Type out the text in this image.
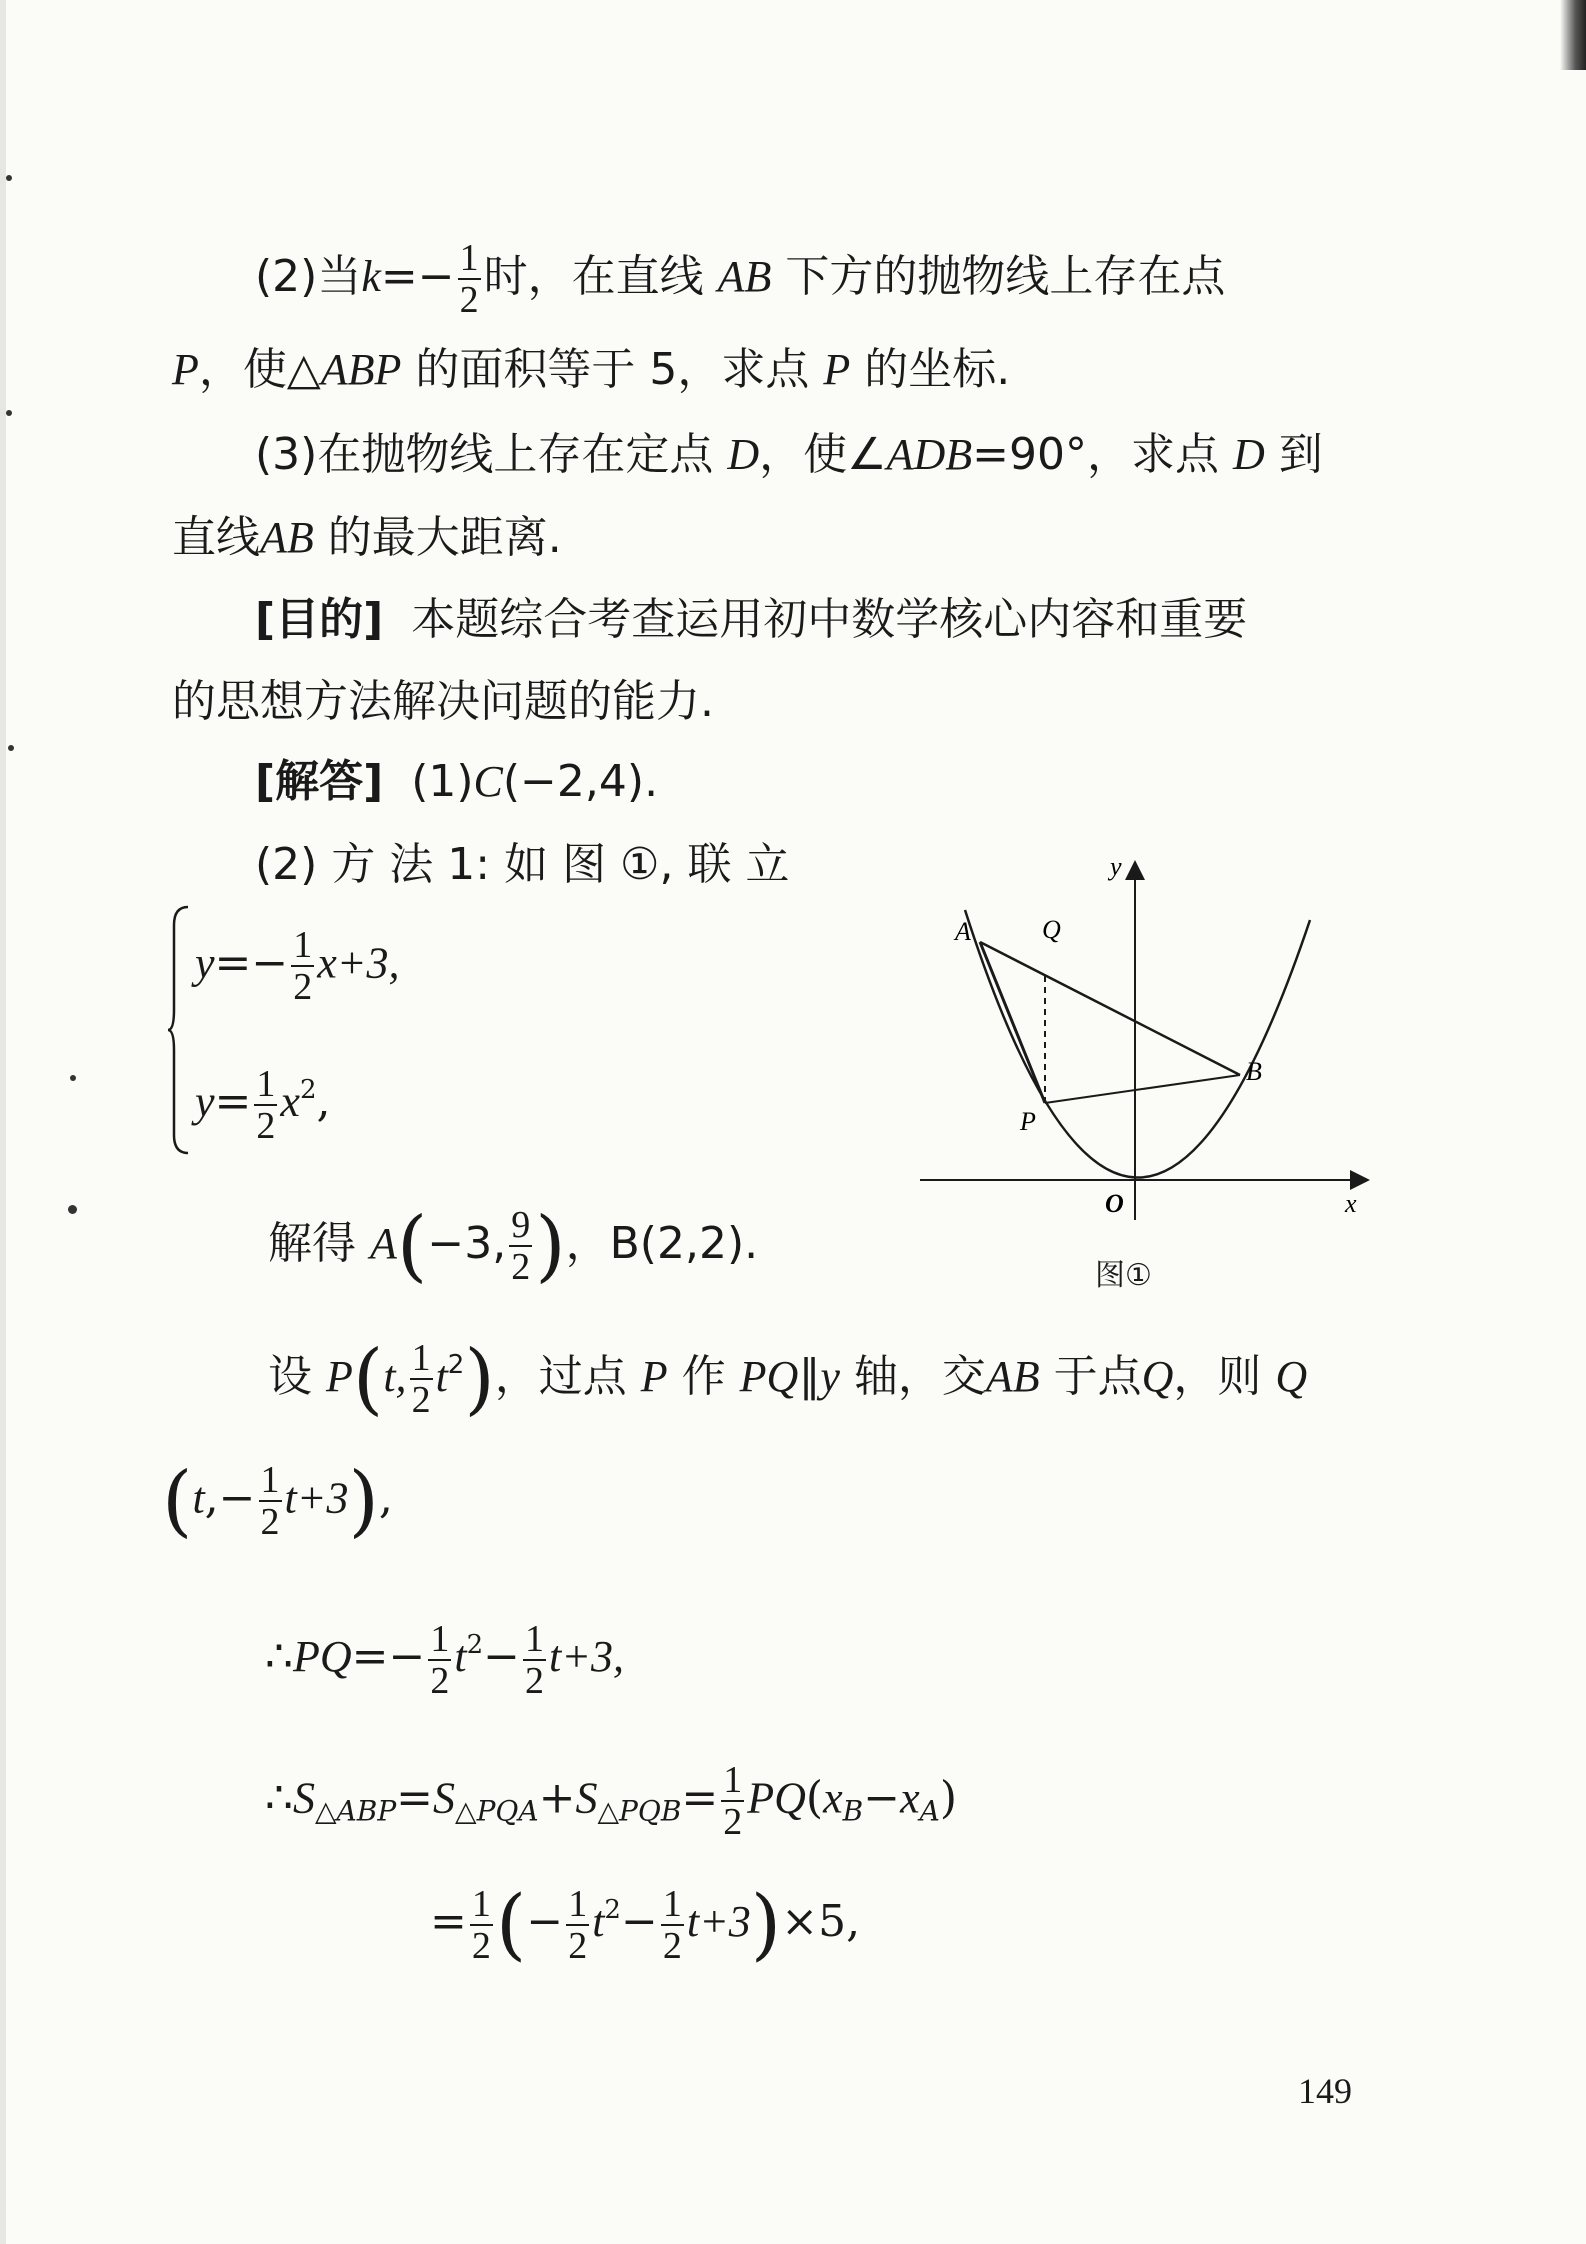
(2)当$k=- \frac{1}{2}$ 时，在直线 AB 下方的抛物线上存在点
P，使△ABP 的面积等于 5，求点 P 的坐标.
(3)在抛物线上存在定点 D，使∠ADB=90°，求点 D 到
直线AB 的最大距离.
[目的] 本题综合考查运用初中数学核心内容和重要
的思想方法解决问题的能力.
[解答] (1)C(−2,4).
(2) 方 法 1: 如 图 ①, 联 立
$y=- \frac{1}{2} x+3$,
$y= \frac{1}{2} x^2$,
解得 A(−3, $\frac{9}{2}$ )，B(2,2).
y
x
O
A	Q
B
P
图①
设 P(t, $\frac{1}{2} t^2$)，过点 P 作 PQ∥y 轴，交AB 于点Q，则 Q
$(t,- \frac{1}{2} t+3)$,
∴PQ=− $\frac{1}{2} t^2- \frac{1}{2} t+3$,
$\therefore S_{\triangle ABP}=S_{\triangle PQA}+S_{\triangle PQB}= \frac{1}{2} PQ(x_B-x_A)$
= $\frac{1}{2}$ (− $\frac{1}{2} t^2- \frac{1}{2} t+3)\times 5$,
149
